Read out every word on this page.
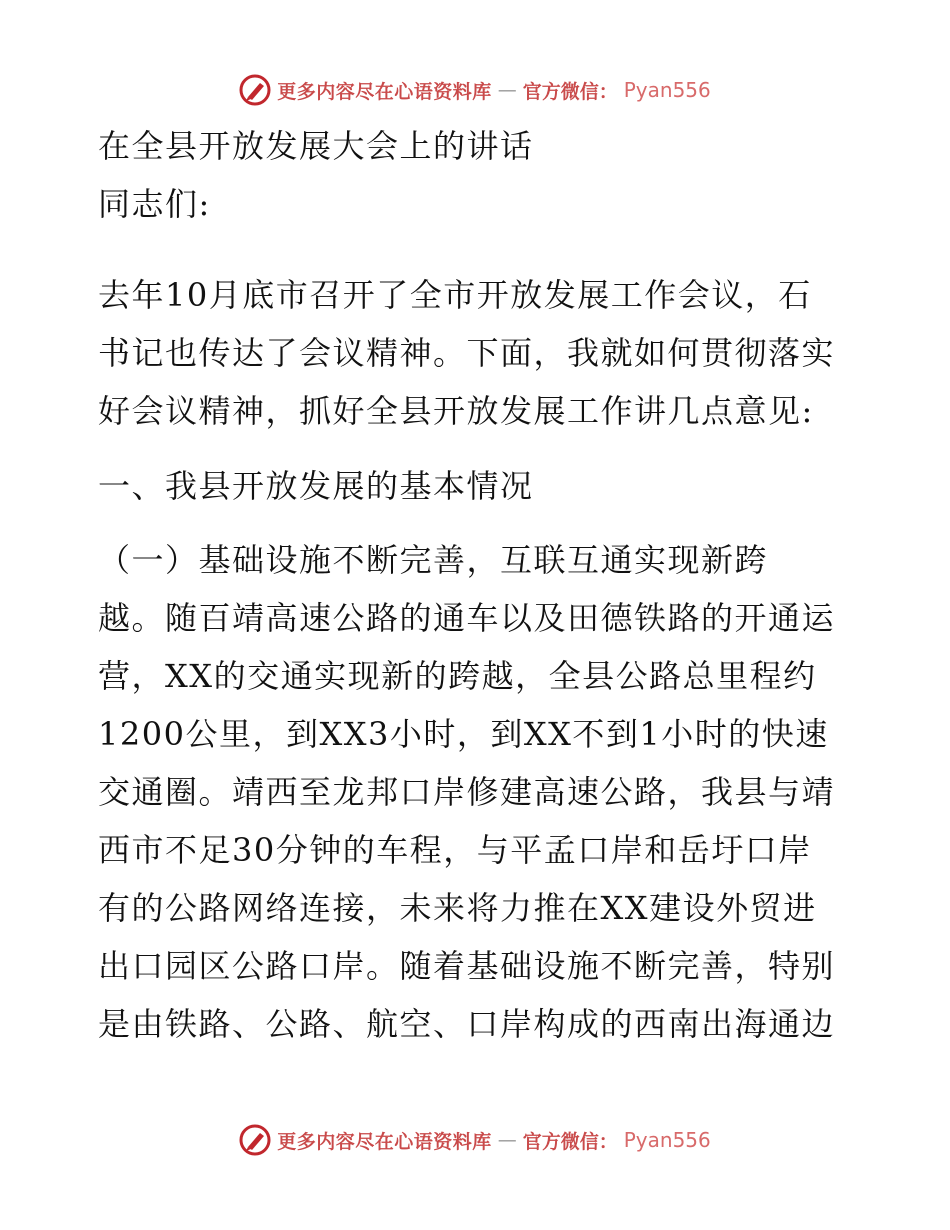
更多内容尽在心语资料库 — 官方微信： Pyan556
在全县开放发展大会上的讲话
同志们:
去年10月底市召开了全市开放发展工作会议，石
书记也传达了会议精神。下面，我就如何贯彻落实
好会议精神，抓好全县开放发展工作讲几点意见:
一、我县开放发展的基本情况
（一）基础设施不断完善，互联互通实现新跨
越。随百靖高速公路的通车以及田德铁路的开通运
营，XX的交通实现新的跨越，全县公路总里程约
1200公里，到XX3小时，到XX不到1小时的快速
交通圈。靖西至龙邦口岸修建高速公路，我县与靖
西市不足30分钟的车程，与平孟口岸和岳圩口岸
有的公路网络连接，未来将力推在XX建设外贸进
出口园区公路口岸。随着基础设施不断完善，特别
是由铁路、公路、航空、口岸构成的西南出海通边
更多内容尽在心语资料库 — 官方微信： Pyan556
